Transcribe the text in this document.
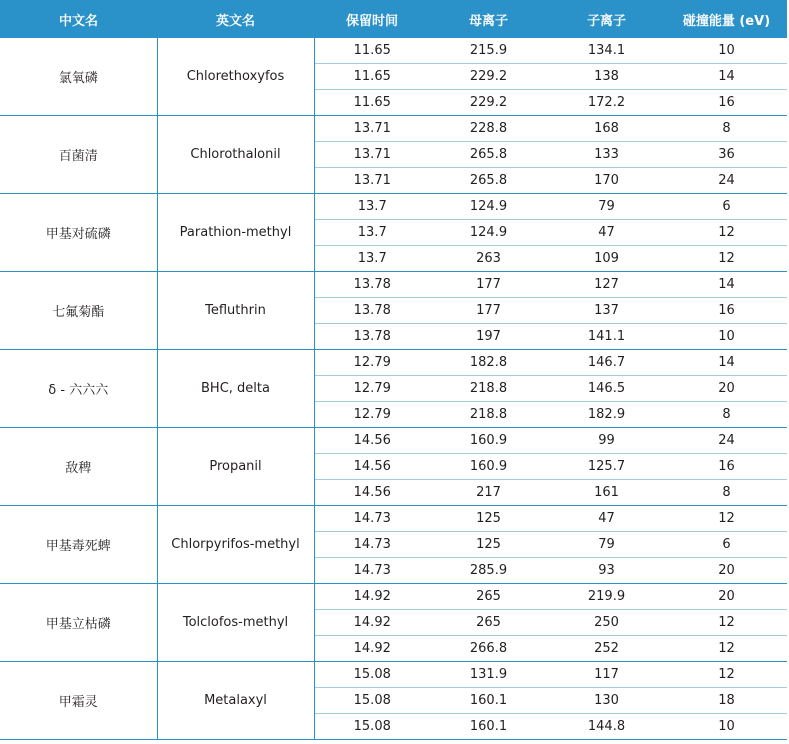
中文名	英文名	保留时间	母离子	子离子	碰撞能量 (eV)
氯氧磷	Chlorethoxyfos	11.65	215.9	134.1	10
		11.65	229.2	138	14
		11.65	229.2	172.2	16
百菌清	Chlorothalonil	13.71	228.8	168	8
		13.71	265.8	133	36
		13.71	265.8	170	24
甲基对硫磷	Parathion-methyl	13.7	124.9	79	6
		13.7	124.9	47	12
		13.7	263	109	12
七氟菊酯	Tefluthrin	13.78	177	127	14
		13.78	177	137	16
		13.78	197	141.1	10
δ - 六六六	BHC, delta	12.79	182.8	146.7	14
		12.79	218.8	146.5	20
		12.79	218.8	182.9	8
敌稗	Propanil	14.56	160.9	99	24
		14.56	160.9	125.7	16
		14.56	217	161	8
甲基毒死蜱	Chlorpyrifos-methyl	14.73	125	47	12
		14.73	125	79	6
		14.73	285.9	93	20
甲基立枯磷	Tolclofos-methyl	14.92	265	219.9	20
		14.92	265	250	12
		14.92	266.8	252	12
甲霜灵	Metalaxyl	15.08	131.9	117	12
		15.08	160.1	130	18
		15.08	160.1	144.8	10
